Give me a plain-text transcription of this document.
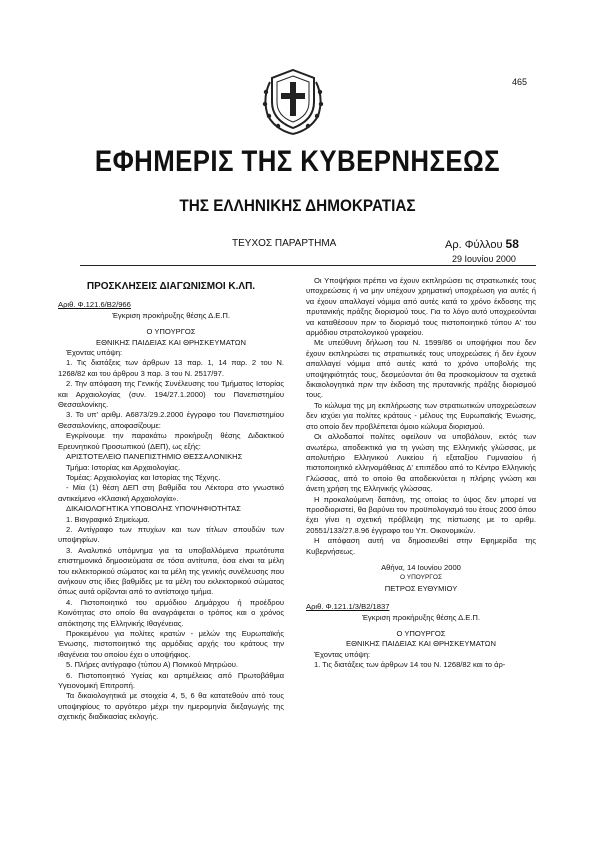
465
ΕΦΗΜΕΡΙΣ ΤΗΣ ΚΥΒΕΡΝΗΣΕΩΣ
ΤΗΣ ΕΛΛΗΝΙΚΗΣ ΔΗΜΟΚΡΑΤΙΑΣ
ΤΕΥΧΟΣ ΠΑΡΑΡΤΗΜΑ	Αρ. Φύλλου 58
29 Ιουνίου 2000
ΠΡΟΣΚΛΗΣΕΙΣ ΔΙΑΓΩΝΙΣΜΟΙ Κ.ΛΠ.

Αριθ. Φ.121.6/Β2/966

Έγκριση προκήρυξης θέσης Δ.Ε.Π.

Ο ΥΠΟΥΡΓΟΣ

ΕΘΝΙΚΗΣ ΠΑΙΔΕΙΑΣ ΚΑΙ ΘΡΗΣΚΕΥΜΑΤΩΝ

Έχοντας υπόψη:

1. Τις διατάξεις των άρθρων 13 παρ. 1, 14 παρ. 2 του Ν. 1268/82 και του άρθρου 3 παρ. 3 του Ν. 2517/97.

2. Την απόφαση της Γενικής Συνέλευσης του Τμήματος Ιστορίας και Αρχαιολογίας (συν. 194/27.1.2000) του Πανεπιστημίου Θεσσαλονίκης.

3. Το υπ' αριθμ. Α6873/29.2.2000 έγγραφο του Πανεπιστημίου Θεσσαλονίκης, αποφασίζουμε:

Εγκρίνουμε την παρακάτω προκήρυξη θέσης Διδακτικού Ερευνητικού Προσωπικού (ΔΕΠ), ως εξής:

ΑΡΙΣΤΟΤΕΛΕΙΟ ΠΑΝΕΠΙΣΤΗΜΙΟ ΘΕΣΣΑΛΟΝΙΚΗΣ

Τμήμα: Ιστορίας και Αρχαιολογίας.

Τομέας: Αρχαιολογίας και Ιστορίας της Τέχνης.

- Μία (1) θέση ΔΕΠ στη βαθμίδα του Λέκτορα στο γνωστικό αντικείμενο «Κλασική Αρχαιολογία».

ΔΙΚΑΙΟΛΟΓΗΤΙΚΑ ΥΠΟΒΟΛΗΣ ΥΠΟΨΗΦΙΟΤΗΤΑΣ

1. Βιογραφικό Σημείωμα.

2. Αντίγραφο των πτυχίων και των τίτλων σπουδών των υποψηφίων.

3. Αναλυτικό υπόμνημα για τα υποβαλλόμενα πρωτότυπα επιστημονικά δημοσιεύματα σε τόσα αντίτυπα, όσα είναι τα μέλη του εκλεκτορικού σώματος και τα μέλη της γενικής συνέλευσης που ανήκουν στις ίδιες βαθμίδες με τα μέλη του εκλεκτορικού σώματος όπως αυτά ορίζονται από το αντίστοιχο τμήμα.

4. Πιστοποιητικό του αρμόδιου Δημάρχου ή προέδρου Κοινότητας στο οποίο θα αναγράφεται ο τρόπος και ο χρόνος απόκτησης της Ελληνικής Ιθαγένειας.

Προκειμένου για πολίτες κρατών - μελών της Ευρωπαϊκής Ένωσης, πιστοποιητικό της αρμόδιας αρχής του κράτους την ιθαγένεια του οποίου έχει ο υποψήφιος.

5. Πλήρες αντίγραφο (τύπου Α) Ποινικού Μητρώου.

6. Πιστοποιητικό Υγείας και αρτιμέλειας από Πρωτοβάθμια Υγειονομική Επιτροπή.

Τα δικαιολογητικά με στοιχεία 4, 5, 6 θα κατατεθούν από τους υποψηφίους το αργότερο μέχρι την ημερομηνία διεξαγωγής της σχετικής διαδικασίας εκλογής.

Οι Υποψήφιοι πρέπει να έχουν εκπληρώσει τις στρατιωτικές τους υποχρεώσεις ή να μην υπέχουν χρηματική υποχρέωση για αυτές ή να έχουν απαλλαγεί νόμιμα από αυτές κατά το χρόνο έκδοσης της πρυτανικής πράξης διορισμού τους. Για το λόγο αυτό υποχρεούνται να καταθέσουν πριν το διορισμό τους πιστοποιητικό τύπου Α' του αρμόδιου στρατολογικού γραφείου.

Με υπεύθυνη δήλωση του Ν. 1599/86 οι υποψήφιοι που δεν έχουν εκπληρώσει τις στρατιωτικές τους υποχρεώσεις ή δεν έχουν απαλλαγεί νόμιμα από αυτές κατά το χρόνο υποβολής της υποψηφιότητάς τους, δεσμεύονται ότι θα προσκομίσουν τα σχετικά δικαιολογητικά πριν την έκδοση της πρυτανικής πράξης διορισμού τους.

Το κώλυμα της μη εκπλήρωσης των στρατιωτικών υποχρεώσεων δεν ισχύει για πολίτες κράτους - μέλους της Ευρωπαϊκής Ένωσης, στο οποίο δεν προβλέπεται όμοιο κώλυμα διορισμού.

Οι αλλοδαποί πολίτες οφείλουν να υποβάλουν, εκτός των ανωτέρω, αποδεικτικά για τη γνώση της Ελληνικής γλώσσας, με απολυτήριο Ελληνικού Λυκείου ή εξαταξίου Γυμνασίου ή πιστοποιητικό ελληνομάθειας Δ' επιπέδου από το Κέντρο Ελληνικής Γλώσσας, από το οποίο θα αποδεικνύεται η πλήρης γνώση και άνετη χρήση της Ελληνικής γλώσσας.

Η προκαλούμενη δαπάνη, της οποίας το ύψος δεν μπορεί να προσδιοριστεί, θα βαρύνει τον προϋπολογισμό του έτους 2000 όπου έχει γίνει η σχετική πρόβλεψη της πίστωσης με το αριθμ. 20551/133/27.8.96 έγγραφο του Υπ. Οικονομικών.

Η απόφαση αυτή να δημοσιευθεί στην Εφημερίδα της Κυβερνήσεως.

Αθήνα, 14 Ιουνίου 2000

Ο ΥΠΟΥΡΓΟΣ

ΠΕΤΡΟΣ ΕΥΘΥΜΙΟΥ

Αριθ. Φ.121.1/3/Β2/1837

Έγκριση προκήρυξης θέσης Δ.Ε.Π.

Ο ΥΠΟΥΡΓΟΣ

ΕΘΝΙΚΗΣ ΠΑΙΔΕΙΑΣ ΚΑΙ ΘΡΗΣΚΕΥΜΑΤΩΝ

Έχοντας υπόψη:

1. Τις διατάξεις των άρθρων 14 του Ν. 1268/82 και το άρ-
